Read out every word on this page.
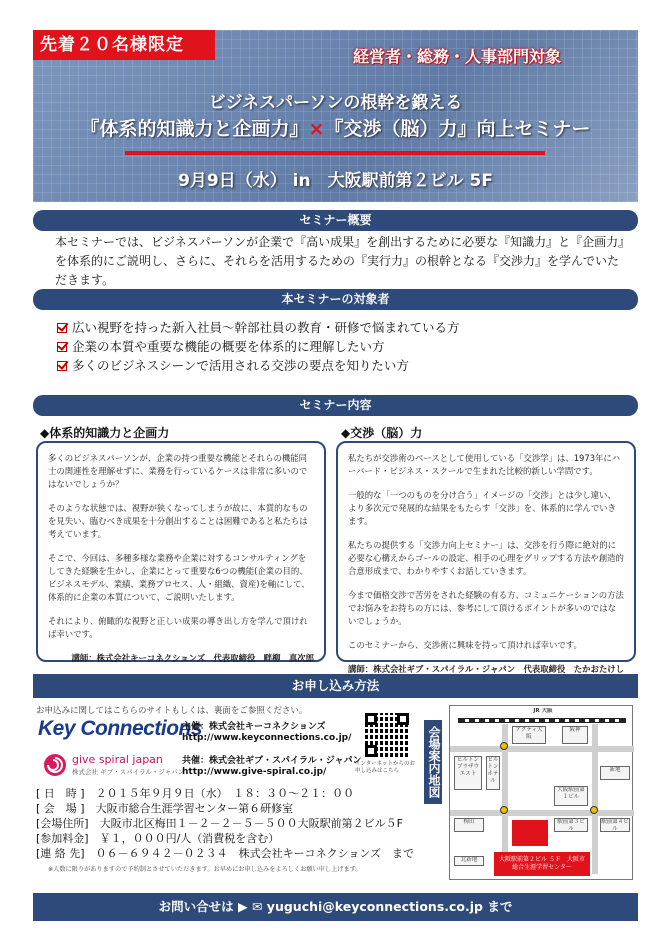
先着２０名様限定
経営者・総務・人事部門対象
ビジネスパーソンの根幹を鍛える
『体系的知識力と企画力』×『交渉（脳）力』向上セミナー
9月9日（水） in　大阪駅前第２ビル 5F
セミナー概要
本セミナーでは、ビジネスパーソンが企業で『高い成果』を創出するために必要な『知識力』と『企画力』を体系的にご説明し、さらに、それらを活用するための『実行力』の根幹となる『交渉力』を学んでいただきます。
本セミナーの対象者
広い視野を持った新入社員～幹部社員の教育・研修で悩まれている方
企業の本質や重要な機能の概要を体系的に理解したい方
多くのビジネスシーンで活用される交渉の要点を知りたい方
セミナー内容
◆体系的知識力と企画力	◆交渉（脳）力

多くのビジネスパーソンが、企業の持つ重要な機能とそれらの機能同士の関連性を理解せずに、業務を行っているケースは非常に多いのではないでしょうか？

そのような状態では、視野が狭くなってしまうが故に、本質的なものを見失い、臨むべき成果を十分創出することは困難であると私たちは考えています。

そこで、今回は、多種多様な業務や企業に対するコンサルティングをしてきた経験を生かし、企業にとって重要な6つの機能(企業の目的、ビジネスモデル、業績、業務プロセス、人・組織、資産)を軸にして、体系的に企業の本質について、ご説明いたします。

それにより、俯瞰的な視野と正しい成果の導き出し方を学んで頂ければ幸いです。

講師：株式会社キーコネクションズ　代表取締役　畔柳　真次郎

私たちが交渉術のベースとして使用している「交渉学」は、1973年にハーバード・ビジネス・スクールで生まれた比較的新しい学問です。

一般的な「一つのものを分け合う」イメージの「交渉」とは少し違い、より多次元で発展的な結果をもたらす「交渉」を、体系的に学んでいきます。

私たちの提供する「交渉力向上セミナー」は、交渉を行う際に絶対的に必要な心構えからゴールの設定、相手の心理をグリップする方法や創造的合意形成まで、わかりやすくお話していきます。

今まで価格交渉で苦労をされた経験の有る方、コミュニケーションの方法でお悩みをお持ちの方には、参考にして頂けるポイントが多いのではないでしょうか。

このセミナーから、交渉術に興味を持って頂ければ幸いです。

講師：株式会社ギブ・スパイラル・ジャパン　代表取締役　たかおたけし

お申し込み方法
お申込みに関してはこちらのサイトもしくは、裏面をご参照ください。
Key Connections
主催：株式会社キーコネクションズ
http://www.keyconnections.co.jp/
give spiral japan
株式会社 ギブ・スパイラル・ジャパン
共催：株式会社ギブ・スパイラル・ジャパン
http://www.give-spiral.co.jp/
インターネットからのお申し込みはこちら
[ 日　時 ]　 ２０１５年９月９日（水）　１８：３０～２１：００
[ 会　場 ]　 大阪市総合生涯学習センター第６研修室
[会場住所]　 大阪市北区梅田１－２－２－５－５００大阪駅前第２ビル５F
[参加料金]　 ￥１，０００円/人（消費税を含む）
[連 絡 先]　 ０６－６９４２－０２３４　株式会社キーコネクションズ　まで
※人数に限りがありますので予約制とさせていただきます。お早めにお申し込みをよろしくお願い申し上げます。
会場案内地図
JR 大阪
アクティ大阪
阪神
ヒルトンプラザウエスト
ヒルトンホテル
大阪駅前第１ビル
駅前第３ビル
駅前第４ビル
新地
梅田
北新地	大阪駅前第２ビル ５Ｆ　大阪市総合生涯学習センター
お問い合せは ▶ ✉ yuguchi@keyconnections.co.jp まで
